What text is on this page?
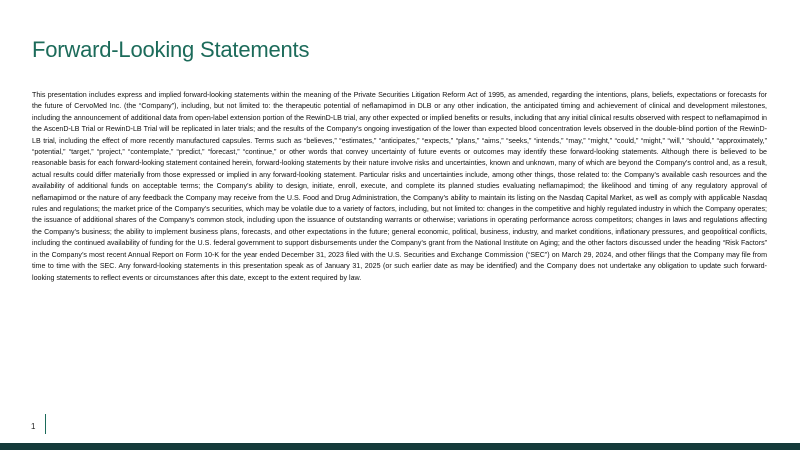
Forward-Looking Statements

This presentation includes express and implied forward-looking statements within the meaning of the Private Securities Litigation Reform Act of 1995, as amended, regarding the intentions, plans, beliefs, expectations or forecasts for the future of CervoMed Inc. (the “Company”), including, but not limited to: the therapeutic potential of neflamapimod in DLB or any other indication, the anticipated timing and achievement of clinical and development milestones, including the announcement of additional data from open-label extension portion of the RewinD-LB trial, any other expected or implied benefits or results, including that any initial clinical results observed with respect to neflamapimod in the AscenD-LB Trial or RewinD-LB Trial will be replicated in later trials; and the results of the Company’s ongoing investigation of the lower than expected blood concentration levels observed in the double-blind portion of the RewinD-LB trial, including the effect of more recently manufactured capsules. Terms such as “believes,” “estimates,” “anticipates,” “expects,” “plans,” “aims,” “seeks,” “intends,” “may,” “might,” “could,” “might,” “will,” “should,” “approximately,” “potential,” “target,” “project,” “contemplate,” “predict,” “forecast,” “continue,” or other words that convey uncertainty of future events or outcomes may identify these forward-looking statements. Although there is believed to be reasonable basis for each forward-looking statement contained herein, forward-looking statements by their nature involve risks and uncertainties, known and unknown, many of which are beyond the Company’s control and, as a result, actual results could differ materially from those expressed or implied in any forward-looking statement. Particular risks and uncertainties include, among other things, those related to: the Company’s available cash resources and the availability of additional funds on acceptable terms; the Company’s ability to design, initiate, enroll, execute, and complete its planned studies evaluating neflamapimod; the likelihood and timing of any regulatory approval of neflamapimod or the nature of any feedback the Company may receive from the U.S. Food and Drug Administration, the Company’s ability to maintain its listing on the Nasdaq Capital Market, as well as comply with applicable Nasdaq rules and regulations; the market price of the Company’s securities, which may be volatile due to a variety of factors, including, but not limited to: changes in the competitive and highly regulated industry in which the Company operates; the issuance of additional shares of the Company’s common stock, including upon the issuance of outstanding warrants or otherwise; variations in operating performance across competitors; changes in laws and regulations affecting the Company’s business; the ability to implement business plans, forecasts, and other expectations in the future; general economic, political, business, industry, and market conditions, inflationary pressures, and geopolitical conflicts, including the continued availability of funding for the U.S. federal government to support disbursements under the Company’s grant from the National Institute on Aging; and the other factors discussed under the heading “Risk Factors” in the Company’s most recent Annual Report on Form 10-K for the year ended December 31, 2023 filed with the U.S. Securities and Exchange Commission (“SEC”) on March 29, 2024, and other filings that the Company may file from time to time with the SEC. Any forward-looking statements in this presentation speak as of January 31, 2025 (or such earlier date as may be identified) and the Company does not undertake any obligation to update such forward-looking statements to reflect events or circumstances after this date, except to the extent required by law.

1
